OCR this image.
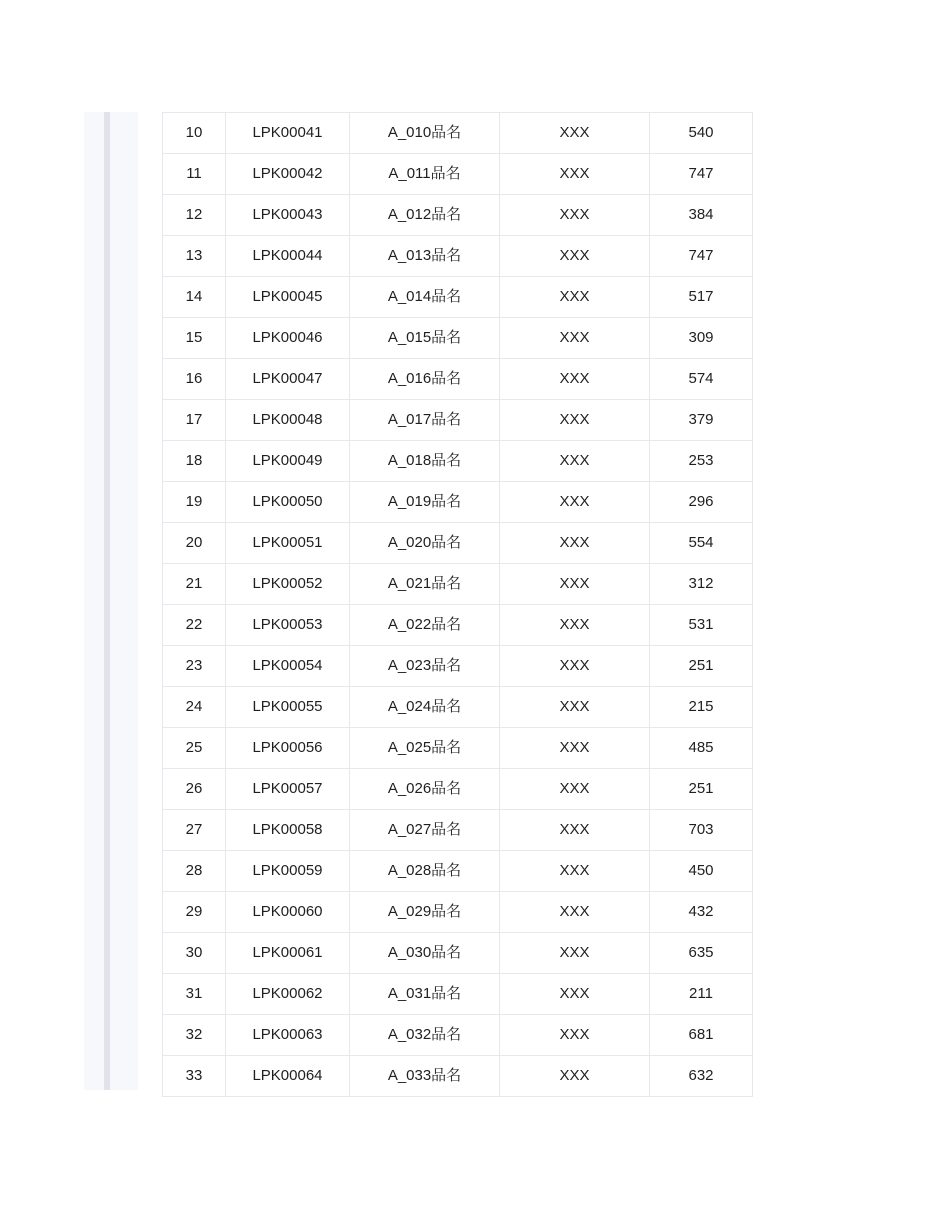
10	LPK00041	A_010品名	XXX	540
11	LPK00042	A_011品名	XXX	747
12	LPK00043	A_012品名	XXX	384
13	LPK00044	A_013品名	XXX	747
14	LPK00045	A_014品名	XXX	517
15	LPK00046	A_015品名	XXX	309
16	LPK00047	A_016品名	XXX	574
17	LPK00048	A_017品名	XXX	379
18	LPK00049	A_018品名	XXX	253
19	LPK00050	A_019品名	XXX	296
20	LPK00051	A_020品名	XXX	554
21	LPK00052	A_021品名	XXX	312
22	LPK00053	A_022品名	XXX	531
23	LPK00054	A_023品名	XXX	251
24	LPK00055	A_024品名	XXX	215
25	LPK00056	A_025品名	XXX	485
26	LPK00057	A_026品名	XXX	251
27	LPK00058	A_027品名	XXX	703
28	LPK00059	A_028品名	XXX	450
29	LPK00060	A_029品名	XXX	432
30	LPK00061	A_030品名	XXX	635
31	LPK00062	A_031品名	XXX	211
32	LPK00063	A_032品名	XXX	681
33	LPK00064	A_033品名	XXX	632
